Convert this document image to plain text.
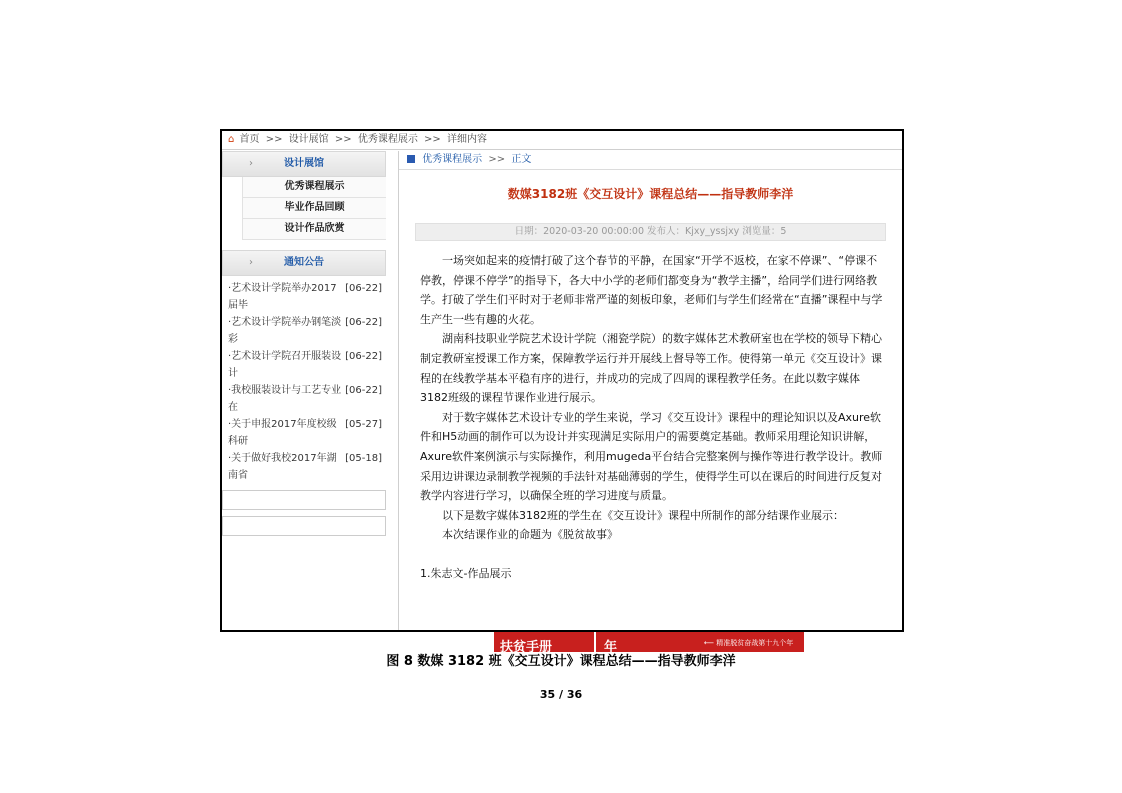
⌂ 首页 >> 设计展馆 >> 优秀课程展示 >> 详细内容
›	设计展馆
优秀课程展示
毕业作品回顾
设计作品欣赏
›	通知公告
·艺术设计学院举办2017届毕
[06-22]
·艺术设计学院举办钢笔淡彩
[06-22]
·艺术设计学院召开服装设计
[06-22]
·我校服装设计与工艺专业在
[06-22]
·关于申报2017年度校级科研
[05-27]
·关于做好我校2017年湖南省
[05-18]
优秀课程展示 >> 正文
数媒3182班《交互设计》课程总结——指导教师李洋
日期：2020-03-20 00:00:00 发布人：Kjxy_yssjxy 浏览量：5

一场突如起来的疫情打破了这个春节的平静，在国家“开学不返校，在家不停课”、“停课不停教，停课不停学”的指导下，各大中小学的老师们都变身为“教学主播”，给同学们进行网络教学。打破了学生们平时对于老师非常严谨的刻板印象，老师们与学生们经常在“直播”课程中与学生产生一些有趣的火花。

湖南科技职业学院艺术设计学院（湘瓷学院）的数字媒体艺术教研室也在学校的领导下精心制定教研室授课工作方案，保障教学运行并开展线上督导等工作。使得第一单元《交互设计》课程的在线教学基本平稳有序的进行，并成功的完成了四周的课程教学任务。在此以数字媒体3182班级的课程节课作业进行展示。

对于数字媒体艺术设计专业的学生来说，学习《交互设计》课程中的理论知识以及Axure软件和H5动画的制作可以为设计并实现满足实际用户的需要奠定基础。教师采用理论知识讲解，Axure软件案例演示与实际操作，利用mugeda平台结合完整案例与操作等进行教学设计。教师采用边讲课边录制教学视频的手法针对基础薄弱的学生，使得学生可以在课后的时间进行反复对教学内容进行学习，以确保全班的学习进度与质量。

以下是数字媒体3182班的学生在《交互设计》课程中所制作的部分结课作业展示：

本次结课作业的命题为《脱贫故事》

1.朱志文-作品展示

扶贫手册	年	⟵ 精准脱贫奋战第十九个年
图 8 数媒 3182 班《交互设计》课程总结——指导教师李洋
35 / 36
